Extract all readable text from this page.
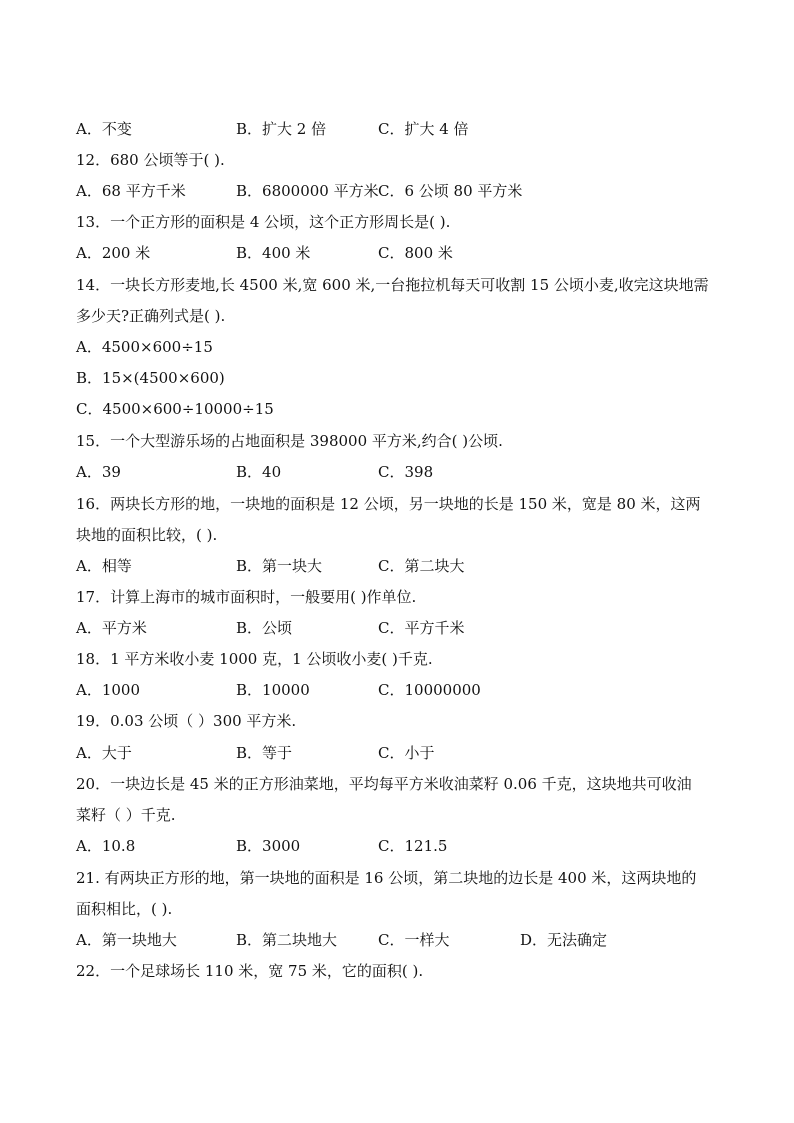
A．不变	B．扩大 2 倍	C．扩大 4 倍
12．680 公顷等于( ).
A．68 平方千米	B．6800000 平方米 C．6 公顷 80 平方米
13．一个正方形的面积是 4 公顷，这个正方形周长是( ).
A．200 米	B．400 米	C．800 米
14．一块长方形麦地,长 4500 米,宽 600 米,一台拖拉机每天可收割 15 公顷小麦,收完这块地需
多少天?正确列式是( ).
A．4500×600÷15
B．15×(4500×600)
C．4500×600÷10000÷15
15．一个大型游乐场的占地面积是 398000 平方米,约合( )公顷.
A．39	B．40	C．398
16．两块长方形的地，一块地的面积是 12 公顷，另一块地的长是 150 米，宽是 80 米，这两
块地的面积比较，( ).
A．相等	B．第一块大	C．第二块大
17．计算上海市的城市面积时，一般要用( )作单位.
A．平方米	B．公顷	C．平方千米
18．1 平方米收小麦 1000 克，1 公顷收小麦( )千克.
A．1000	B．10000	C．10000000
19．0.03 公顷（ ）300 平方米.
A．大于	B．等于	C．小于
20．一块边长是 45 米的正方形油菜地，平均每平方米收油菜籽 0.06 千克，这块地共可收油
菜籽（ ）千克.
A．10.8	B．3000	C．121.5
21. 有两块正方形的地，第一块地的面积是 16 公顷，第二块地的边长是 400 米，这两块地的
面积相比，( ).
A．第一块地大	B．第二块地大	C．一样大	D．无法确定
22．一个足球场长 110 米，宽 75 米，它的面积( ).
